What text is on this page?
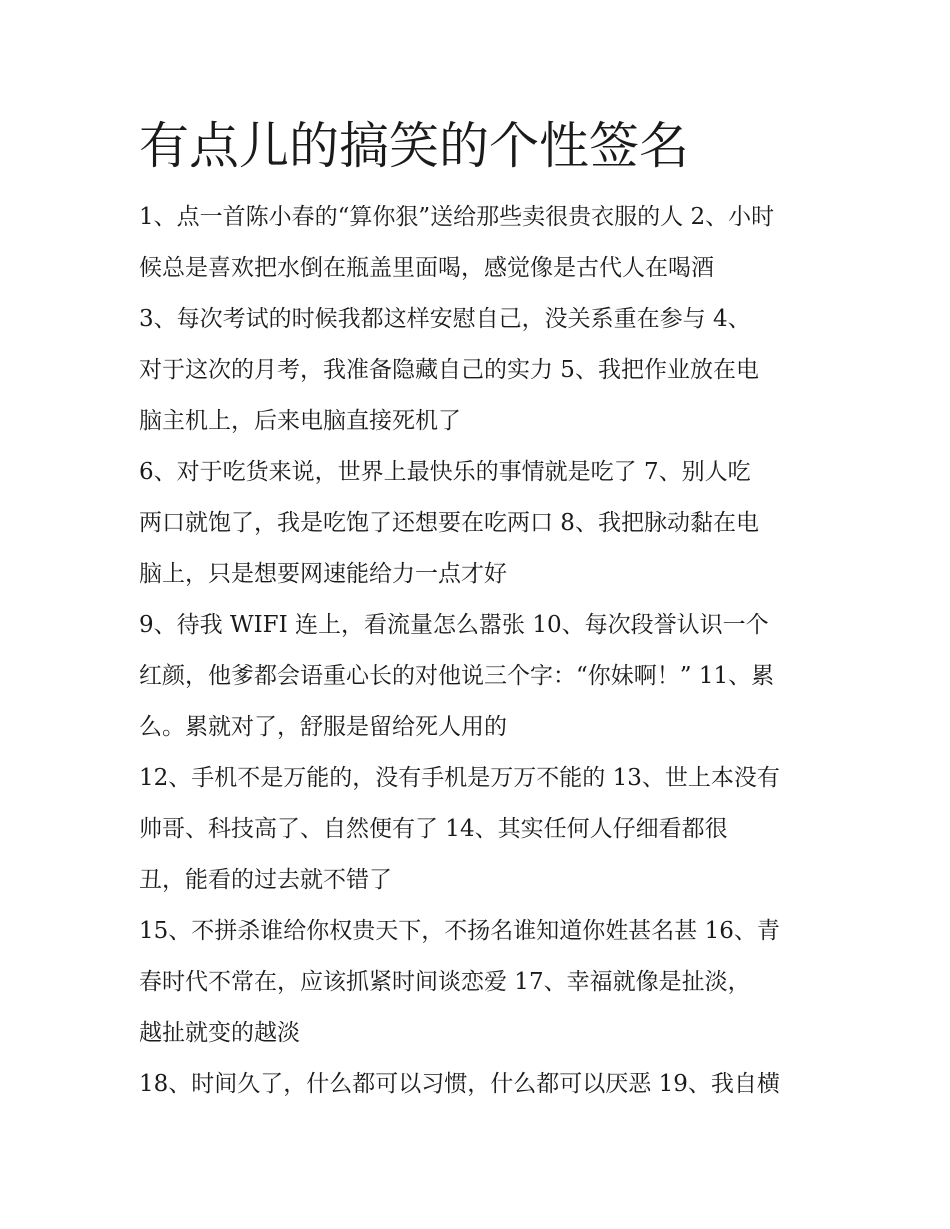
有点儿的搞笑的个性签名

1、点一首陈小春的“算你狠”送给那些卖很贵衣服的人 2、小时

候总是喜欢把水倒在瓶盖里面喝，感觉像是古代人在喝酒

3、每次考试的时候我都这样安慰自己，没关系重在参与 4、

对于这次的月考，我准备隐藏自己的实力 5、我把作业放在电

脑主机上，后来电脑直接死机了

6、对于吃货来说，世界上最快乐的事情就是吃了 7、别人吃

两口就饱了，我是吃饱了还想要在吃两口 8、我把脉动黏在电

脑上，只是想要网速能给力一点才好

9、待我 WIFI 连上，看流量怎么嚣张 10、每次段誉认识一个

红颜，他爹都会语重心长的对他说三个字：“你妹啊！” 11、累

么。累就对了，舒服是留给死人用的

12、手机不是万能的，没有手机是万万不能的 13、世上本没有

帅哥、科技高了、自然便有了 14、其实任何人仔细看都很

丑，能看的过去就不错了

15、不拼杀谁给你权贵天下，不扬名谁知道你姓甚名甚 16、青

春时代不常在，应该抓紧时间谈恋爱 17、幸福就像是扯淡，

越扯就变的越淡

18、时间久了，什么都可以习惯，什么都可以厌恶 19、我自横
